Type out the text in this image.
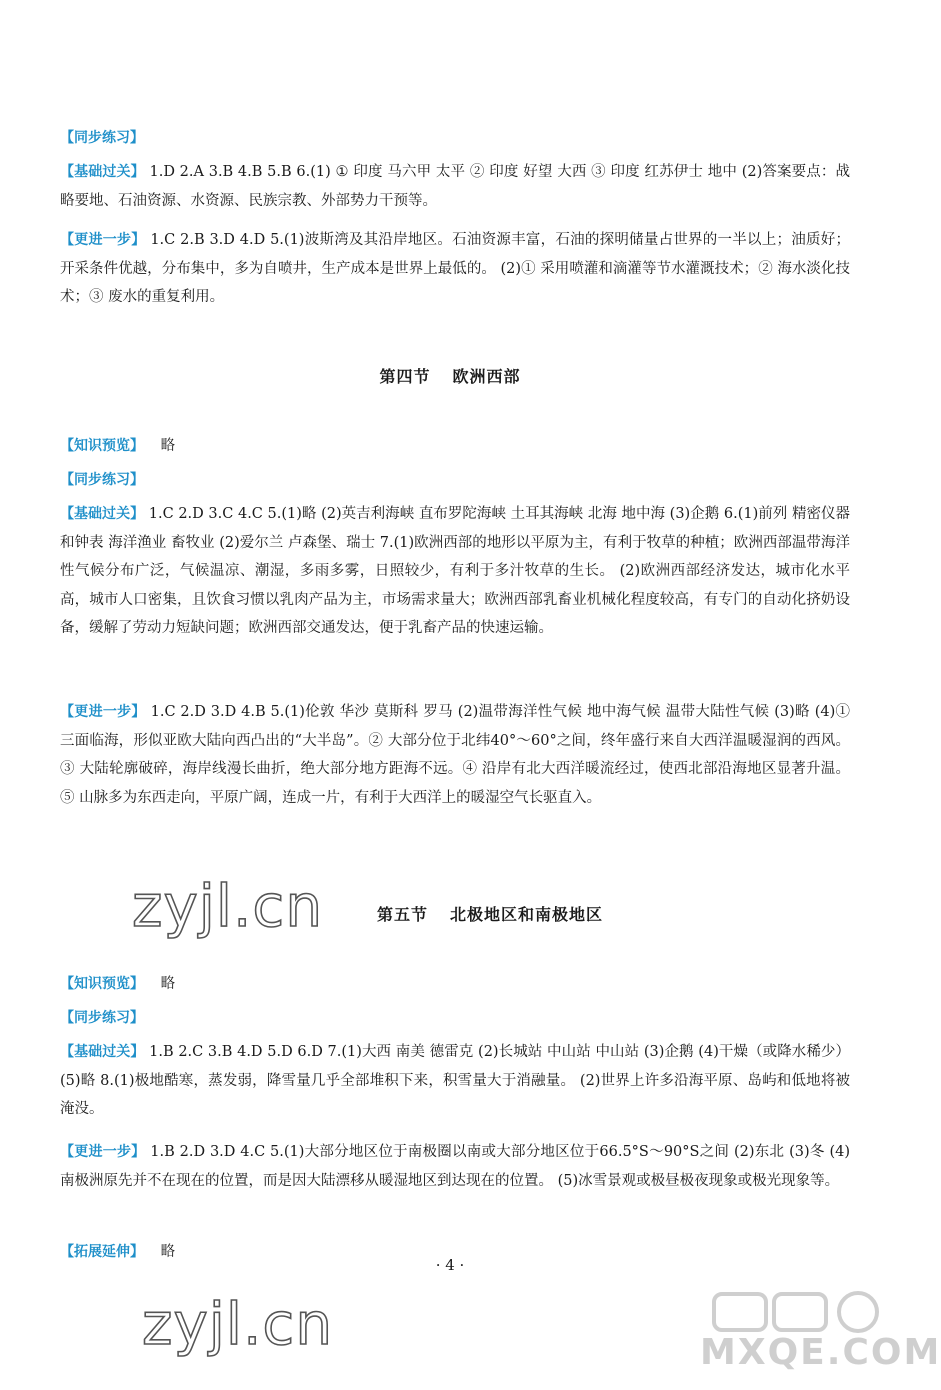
【同步练习】
【基础过关】 1.D 2.A 3.B 4.B 5.B 6.(1) ① 印度 马六甲 太平 ② 印度 好望 大西 ③ 印度 红苏伊士 地中 (2)答案要点：战略要地、石油资源、水资源、民族宗教、外部势力干预等。
【更进一步】 1.C 2.B 3.D 4.D 5.(1)波斯湾及其沿岸地区。石油资源丰富，石油的探明储量占世界的一半以上；油质好；开采条件优越，分布集中，多为自喷井，生产成本是世界上最低的。 (2)① 采用喷灌和滴灌等节水灌溉技术；② 海水淡化技术；③ 废水的重复利用。
第四节 欧洲西部
【知识预览】 略
【同步练习】
【基础过关】 1.C 2.D 3.C 4.C 5.(1)略 (2)英吉利海峡 直布罗陀海峡 土耳其海峡 北海 地中海 (3)企鹅 6.(1)前列 精密仪器和钟表 海洋渔业 畜牧业 (2)爱尔兰 卢森堡、瑞士 7.(1)欧洲西部的地形以平原为主，有利于牧草的种植；欧洲西部温带海洋性气候分布广泛，气候温凉、潮湿，多雨多雾，日照较少，有利于多汁牧草的生长。 (2)欧洲西部经济发达，城市化水平高，城市人口密集，且饮食习惯以乳肉产品为主，市场需求量大；欧洲西部乳畜业机械化程度较高，有专门的自动化挤奶设备，缓解了劳动力短缺问题；欧洲西部交通发达，便于乳畜产品的快速运输。
【更进一步】 1.C 2.D 3.D 4.B 5.(1)伦敦 华沙 莫斯科 罗马 (2)温带海洋性气候 地中海气候 温带大陆性气候 (3)略 (4)① 三面临海，形似亚欧大陆向西凸出的“大半岛”。② 大部分位于北纬40°～60°之间，终年盛行来自大西洋温暖湿润的西风。③ 大陆轮廓破碎，海岸线漫长曲折，绝大部分地方距海不远。④ 沿岸有北大西洋暖流经过，使西北部沿海地区显著升温。⑤ 山脉多为东西走向，平原广阔，连成一片，有利于大西洋上的暖湿空气长驱直入。
第五节 北极地区和南极地区
【知识预览】 略
【同步练习】
【基础过关】 1.B 2.C 3.B 4.D 5.D 6.D 7.(1)大西 南美 德雷克 (2)长城站 中山站 中山站 (3)企鹅 (4)干燥（或降水稀少） (5)略 8.(1)极地酷寒，蒸发弱，降雪量几乎全部堆积下来，积雪量大于消融量。 (2)世界上许多沿海平原、岛屿和低地将被淹没。
【更进一步】 1.B 2.D 3.D 4.C 5.(1)大部分地区位于南极圈以南或大部分地区位于66.5°S～90°S之间 (2)东北 (3)冬 (4)南极洲原先并不在现在的位置，而是因大陆漂移从暖湿地区到达现在的位置。 (5)冰雪景观或极昼极夜现象或极光现象等。
【拓展延伸】 略
· 4 ·
zyjl.cn
zyjl.cn	MXQE.COM
